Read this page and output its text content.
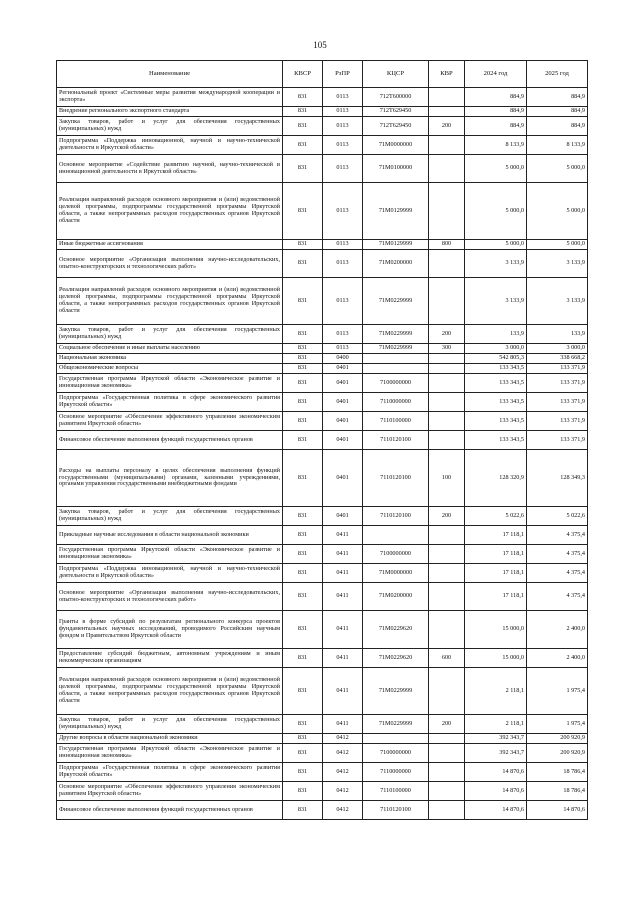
105
Наименование	КВСР	РзПР	КЦСР	КВР	2024 год	2025 год
Региональный проект «Системные меры развития международной кооперации и экспорта»	831	0113	712T600000		884,9	884,9
Внедрение регионального экспортного стандарта	831	0113	712T629450		884,9	884,9
Закупка товаров, работ и услуг для обеспечения государственных (муниципальных) нужд	831	0113	712T629450	200	884,9	884,9
Подпрограмма «Поддержка инновационной, научной и научно-технической деятельности в Иркутской области»	831	0113	71M0000000		8 133,9	8 133,9
Основное мероприятие «Содействие развитию научной, научно-технической и инновационной деятельности в Иркутской области»	831	0113	71M0100000		5 000,0	5 000,0
Реализация направлений расходов основного мероприятия и (или) ведомственной целевой программы, подпрограммы государственной программы Иркутской области, а также непрограммных расходов государственных органов Иркутской области	831	0113	71M0129999		5 000,0	5 000,0
Иные бюджетные ассигнования	831	0113	71M0129999	800	5 000,0	5 000,0
Основное мероприятие «Организация выполнения научно-исследовательских, опытно-конструкторских и технологических работ»	831	0113	71M0200000		3 133,9	3 133,9
Реализация направлений расходов основного мероприятия и (или) ведомственной целевой программы, подпрограммы государственной программы Иркутской области, а также непрограммных расходов государственных органов Иркутской области	831	0113	71M0229999		3 133,9	3 133,9
Закупка товаров, работ и услуг для обеспечения государственных (муниципальных) нужд	831	0113	71M0229999	200	133,9	133,9
Социальное обеспечение и иные выплаты населению	831	0113	71M0229999	300	3 000,0	3 000,0
Национальная экономика	831	0400			542 805,3	338 668,2
Общеэкономические вопросы	831	0401			133 343,5	133 371,9
Государственная программа Иркутской области «Экономическое развитие и инновационная экономика»	831	0401	7100000000		133 343,5	133 371,9
Подпрограмма «Государственная политика в сфере экономического развития Иркутской области»	831	0401	7110000000		133 343,5	133 371,9
Основное мероприятие «Обеспечение эффективного управления экономическим развитием Иркутской области»	831	0401	7110100000		133 343,5	133 371,9
Финансовое обеспечение выполнения функций государственных органов	831	0401	7110120100		133 343,5	133 371,9
Расходы на выплаты персоналу в целях обеспечения выполнения функций государственными (муниципальными) органами, казенными учреждениями, органами управления государственными внебюджетными фондами	831	0401	7110120100	100	128 320,9	128 349,3
Закупка товаров, работ и услуг для обеспечения государственных (муниципальных) нужд	831	0401	7110120100	200	5 022,6	5 022,6
Прикладные научные исследования в области национальной экономики	831	0411			17 118,1	4 375,4
Государственная программа Иркутской области «Экономическое развитие и инновационная экономика»	831	0411	7100000000		17 118,1	4 375,4
Подпрограмма «Поддержка инновационной, научной и научно-технической деятельности в Иркутской области»	831	0411	71M0000000		17 118,1	4 375,4
Основное мероприятие «Организация выполнения научно-исследовательских, опытно-конструкторских и технологических работ»	831	0411	71M0200000		17 118,1	4 375,4
Гранты в форме субсидий по результатам регионального конкурса проектов фундаментальных научных исследований, проводимого Российским научным фондом и Правительством Иркутской области	831	0411	71M0229620		15 000,0	2 400,0
Предоставление субсидий бюджетным, автономным учреждениям и иным некоммерческим организациям	831	0411	71M0229620	600	15 000,0	2 400,0
Реализация направлений расходов основного мероприятия и (или) ведомственной целевой программы, подпрограммы государственной программы Иркутской области, а также непрограммных расходов государственных органов Иркутской области	831	0411	71M0229999		2 118,1	1 975,4
Закупка товаров, работ и услуг для обеспечения государственных (муниципальных) нужд	831	0411	71M0229999	200	2 118,1	1 975,4
Другие вопросы в области национальной экономики	831	0412			392 343,7	200 920,9
Государственная программа Иркутской области «Экономическое развитие и инновационная экономика»	831	0412	7100000000		392 343,7	200 920,9
Подпрограмма «Государственная политика в сфере экономического развития Иркутской области»	831	0412	7110000000		14 870,6	18 786,4
Основное мероприятие «Обеспечение эффективного управления экономическим развитием Иркутской области»	831	0412	7110100000		14 870,6	18 786,4
Финансовое обеспечение выполнения функций государственных органов	831	0412	7110120100		14 870,6	14 870,6
